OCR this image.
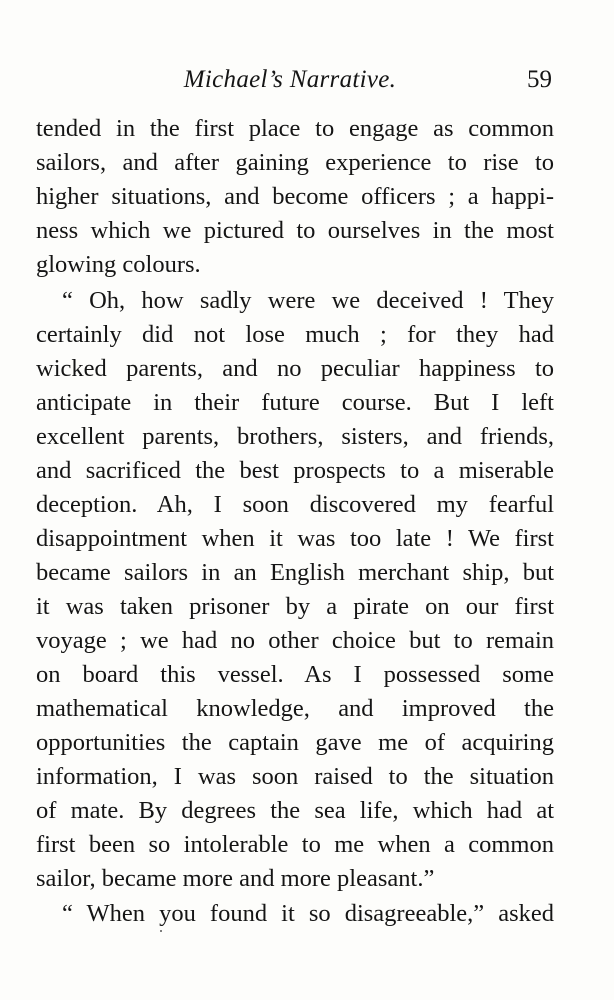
Michael’s Narrative.	59
tended in the first place to engage as common
sailors, and after gaining experience to rise to
higher situations, and become officers ; a happi-
ness which we pictured to ourselves in the most
glowing colours.
“ Oh, how sadly were we deceived ! They
certainly did not lose much ; for they had
wicked parents, and no peculiar happiness to
anticipate in their future course. But I left
excellent parents, brothers, sisters, and friends,
and sacrificed the best prospects to a miserable
deception. Ah, I soon discovered my fearful
disappointment when it was too late ! We first
became sailors in an English merchant ship, but
it was taken prisoner by a pirate on our first
voyage ; we had no other choice but to remain
on board this vessel. As I possessed some
mathematical knowledge, and improved the
opportunities the captain gave me of acquiring
information, I was soon raised to the situation
of mate. By degrees the sea life, which had at
first been so intolerable to me when a common
sailor, became more and more pleasant.”
“ When you found it so disagreeable,” asked
